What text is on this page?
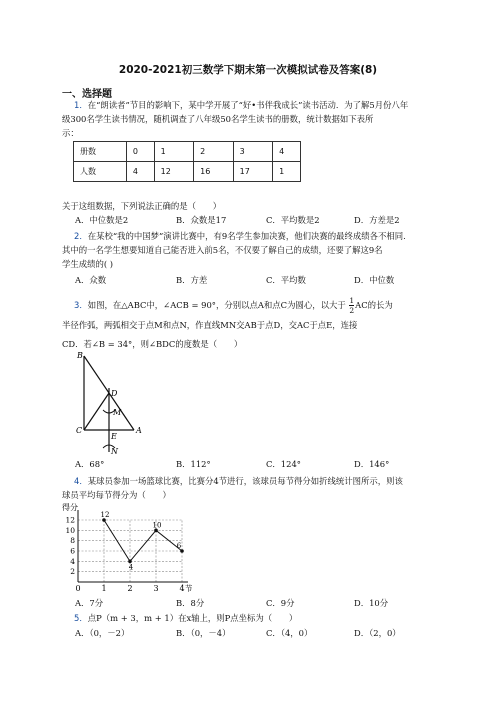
2020-2021初三数学下期末第一次模拟试卷及答案(8)
一、选择题
1．在“朗读者”节目的影响下，某中学开展了“好•书伴我成长”读书活动．为了解5月份八年
级300名学生读书情况，随机调查了八年级50名学生读书的册数，统计数据如下表所
示：
册数	0	1	2	3	4
人数	4	12	16	17	1
关于这组数据，下列说法正确的是（　　）
A．中位数是2	B．众数是17	C．平均数是2	D．方差是2
2．在某校“我的中国梦”演讲比赛中，有9名学生参加决赛，他们决赛的最终成绩各不相同.
其中的一名学生想要知道自己能否进入前5名，不仅要了解自己的成绩，还要了解这9名
学生成绩的( )
A．众数	B．方差	C．平均数	D．中位数
3．如图，在△ABC中，∠ACB = 90°，分别以点A和点C为圆心，以大于 $\frac{1}{2}$ AC的长为
半径作弧，两弧相交于点M和点N，作直线MN交AB于点D，交AC于点E，连接
CD．若∠B = 34°，则∠BDC的度数是（　　）
B
D
M
C
E
A
N
A．68°	B．112°	C．124°	D．146°
4．某球员参加一场篮球比赛，比赛分4节进行，该球员每节得分如折线统计图所示，则该
球员平均每节得分为（　　）
2
4
6
8
10
12
0	1	2	3	4
得分
节
12
4
10
6
A．7分	B．8分	C．9分	D．10分
5．点P（m + 3，m + 1）在x轴上，则P点坐标为（　　）
A．（0，－2）	B．（0，－4）	C．（4，0）	D．（2，0）
